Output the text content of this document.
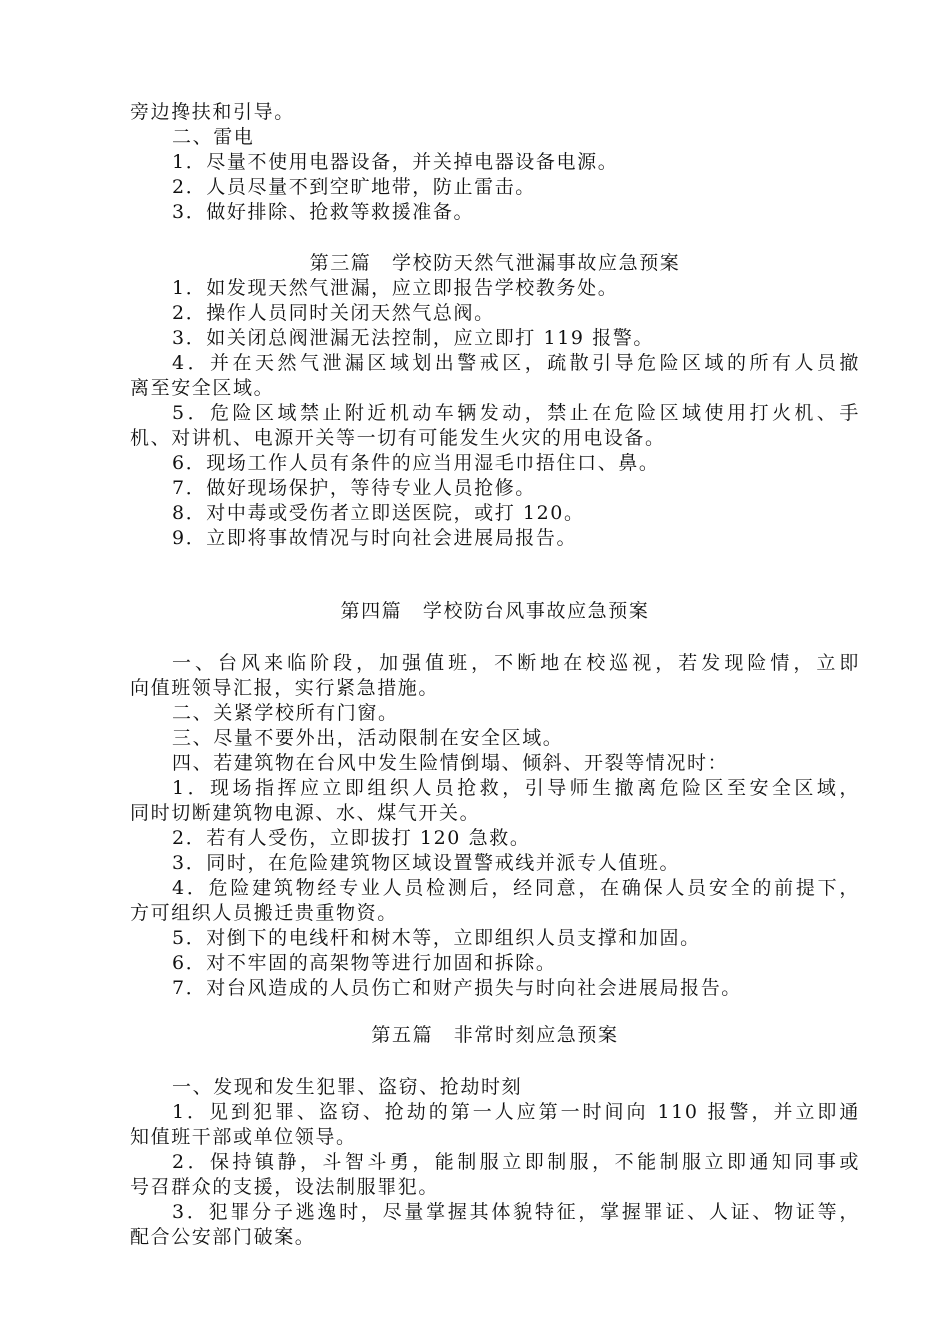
旁边搀扶和引导。
二、雷电
1．尽量不使用电器设备，并关掉电器设备电源。
2．人员尽量不到空旷地带，防止雷击。
3．做好排除、抢救等救援准备。
第三篇　学校防天然气泄漏事故应急预案
1．如发现天然气泄漏，应立即报告学校教务处。
2．操作人员同时关闭天然气总阀。
3．如关闭总阀泄漏无法控制，应立即打 119 报警。
4．并在天然气泄漏区域划出警戒区，疏散引导危险区域的所有人员撤
离至安全区域。
5．危险区域禁止附近机动车辆发动，禁止在危险区域使用打火机、手
机、对讲机、电源开关等一切有可能发生火灾的用电设备。
6．现场工作人员有条件的应当用湿毛巾捂住口、鼻。
7．做好现场保护，等待专业人员抢修。
8．对中毒或受伤者立即送医院，或打 120。
9．立即将事故情况与时向社会进展局报告。
第四篇　学校防台风事故应急预案
一、台风来临阶段，加强值班，不断地在校巡视，若发现险情，立即
向值班领导汇报，实行紧急措施。
二、关紧学校所有门窗。
三、尽量不要外出，活动限制在安全区域。
四、若建筑物在台风中发生险情倒塌、倾斜、开裂等情况时：
1．现场指挥应立即组织人员抢救，引导师生撤离危险区至安全区域，
同时切断建筑物电源、水、煤气开关。
2．若有人受伤，立即拔打 120 急救。
3．同时，在危险建筑物区域设置警戒线并派专人值班。
4．危险建筑物经专业人员检测后，经同意，在确保人员安全的前提下，
方可组织人员搬迁贵重物资。
5．对倒下的电线杆和树木等，立即组织人员支撑和加固。
6．对不牢固的高架物等进行加固和拆除。
7．对台风造成的人员伤亡和财产损失与时向社会进展局报告。
第五篇　非常时刻应急预案
一、发现和发生犯罪、盗窃、抢劫时刻
1．见到犯罪、盗窃、抢劫的第一人应第一时间向 110 报警，并立即通
知值班干部或单位领导。
2．保持镇静，斗智斗勇，能制服立即制服，不能制服立即通知同事或
号召群众的支援，设法制服罪犯。
3．犯罪分子逃逸时，尽量掌握其体貌特征，掌握罪证、人证、物证等，
配合公安部门破案。
